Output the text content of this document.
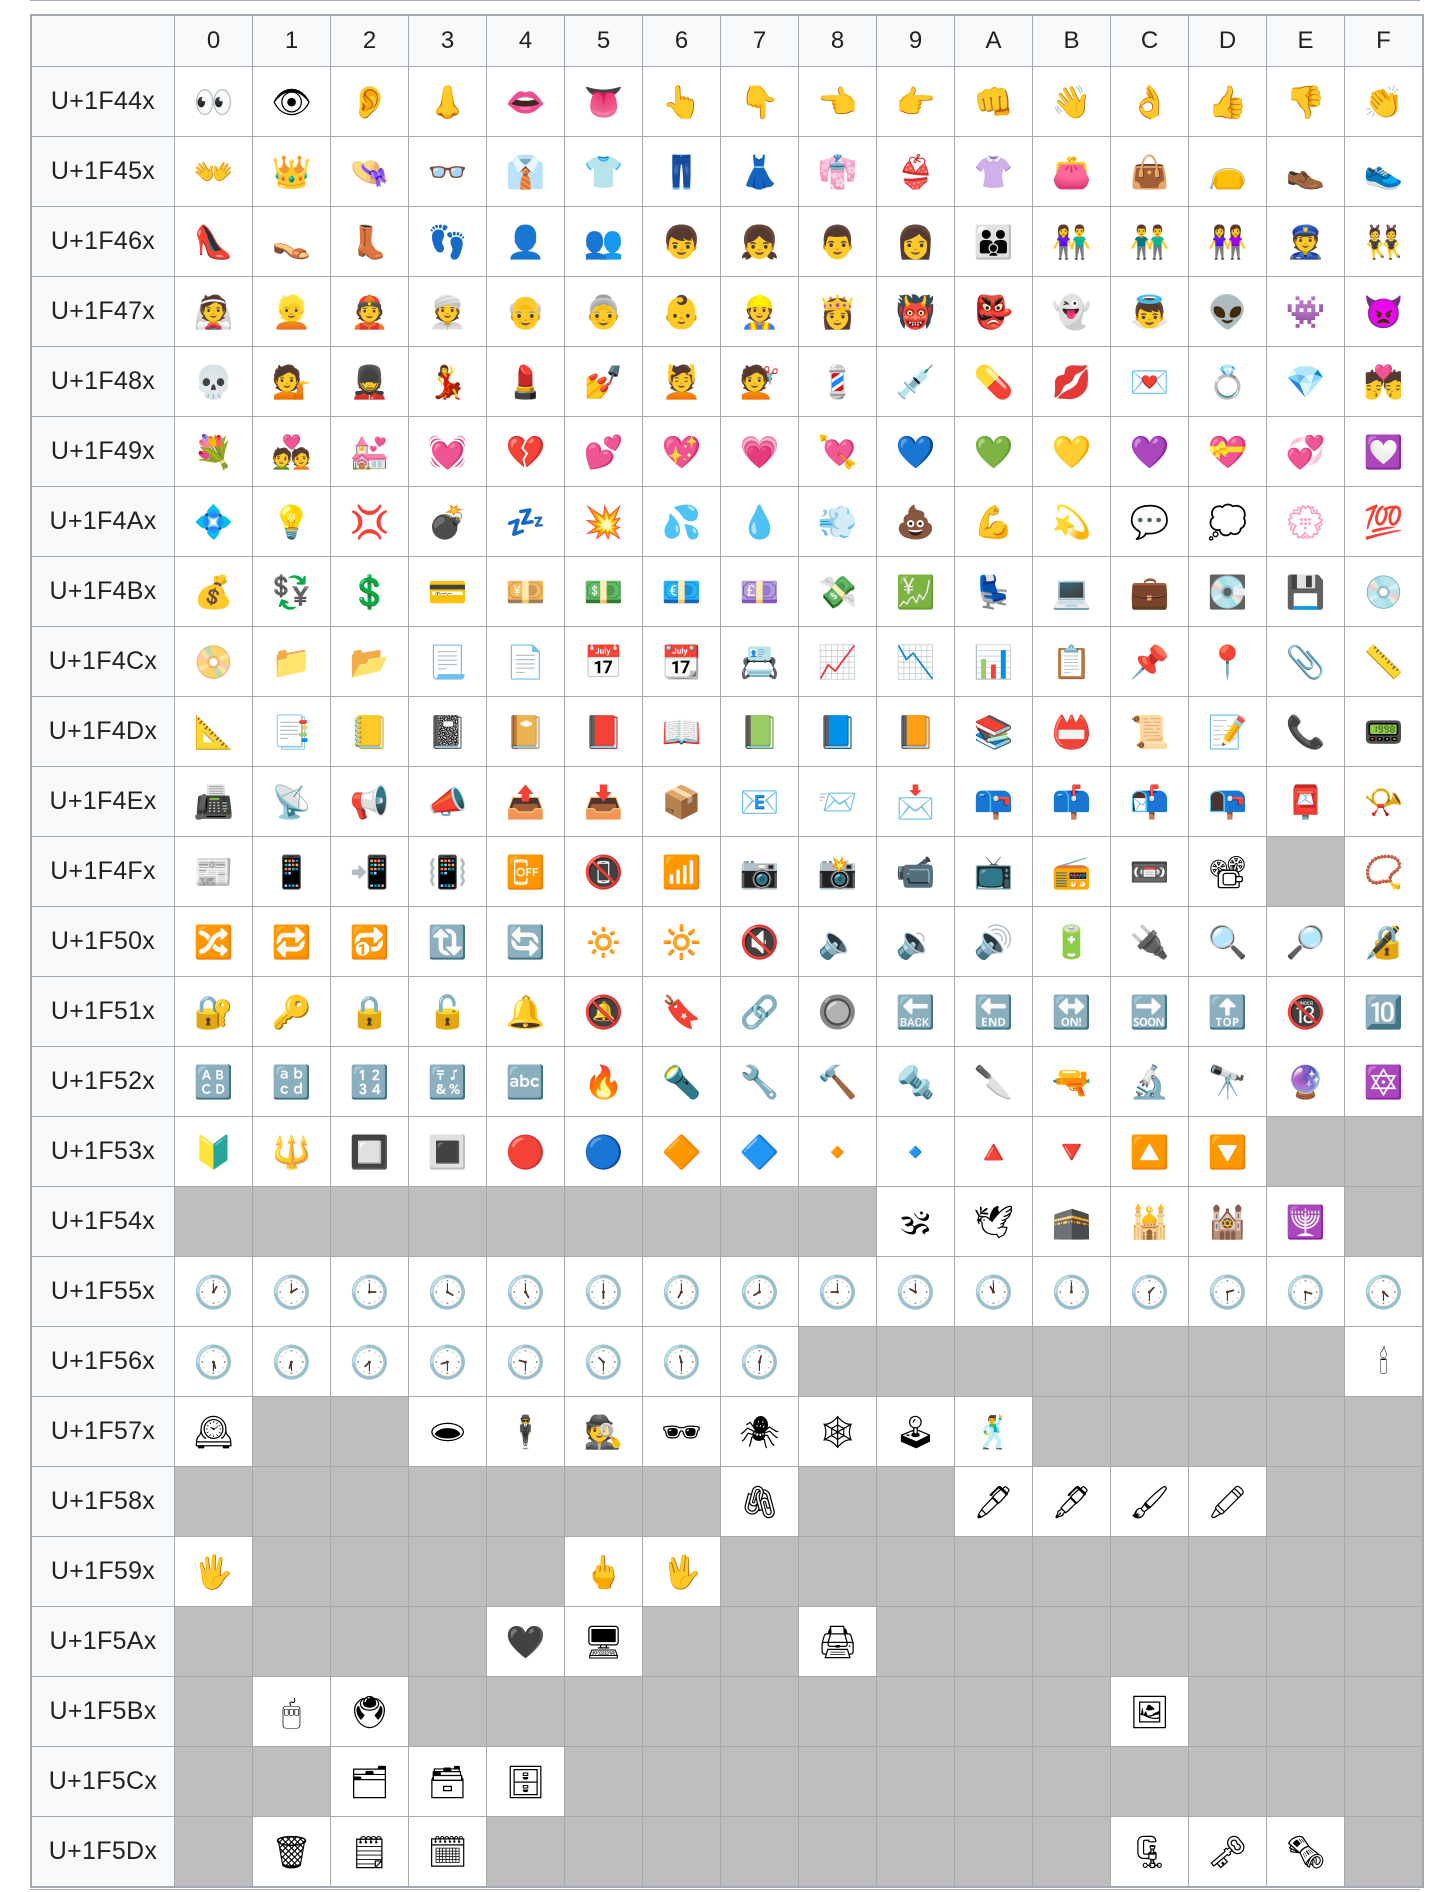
	0	1	2	3	4	5	6	7	8	9	A	B	C	D	E	F
U+1F44x	👀	👁	👂	👃	👄	👅	👆	👇	👈	👉	👊	👋	👌	👍	👎	👏
U+1F45x	👐	👑	👒	👓	👔	👕	👖	👗	👘	👙	👚	👛	👜	👝	👞	👟
U+1F46x	👠	👡	👢	👣	👤	👥	👦	👧	👨	👩	👪	👫	👬	👭	👮	👯
U+1F47x	👰	👱	👲	👳	👴	👵	👶	👷	👸	👹	👺	👻	👼	👽	👾	👿
U+1F48x	💀	💁	💂	💃	💄	💅	💆	💇	💈	💉	💊	💋	💌	💍	💎	💏
U+1F49x	💐	💑	💒	💓	💔	💕	💖	💗	💘	💙	💚	💛	💜	💝	💞	💟
U+1F4Ax	💠	💡	💢	💣	💤	💥	💦	💧	💨	💩	💪	💫	💬	💭	💮	💯
U+1F4Bx	💰	💱	💲	💳	💴	💵	💶	💷	💸	💹	💺	💻	💼	💽	💾	💿
U+1F4Cx	📀	📁	📂	📃	📄	📅	📆	📇	📈	📉	📊	📋	📌	📍	📎	📏
U+1F4Dx	📐	📑	📒	📓	📔	📕	📖	📗	📘	📙	📚	📛	📜	📝	📞	📟
U+1F4Ex	📠	📡	📢	📣	📤	📥	📦	📧	📨	📩	📪	📫	📬	📭	📮	📯
U+1F4Fx	📰	📱	📲	📳	📴	📵	📶	📷	📸	📹	📺	📻	📼	📽		📿
U+1F50x	🔀	🔁	🔂	🔃	🔄	🔅	🔆	🔇	🔈	🔉	🔊	🔋	🔌	🔍	🔎	🔏
U+1F51x	🔐	🔑	🔒	🔓	🔔	🔕	🔖	🔗	🔘	🔙	🔚	🔛	🔜	🔝	🔞	🔟
U+1F52x	🔠	🔡	🔢	🔣	🔤	🔥	🔦	🔧	🔨	🔩	🔪	🔫	🔬	🔭	🔮	🔯
U+1F53x	🔰	🔱	🔲	🔳	🔴	🔵	🔶	🔷	🔸	🔹	🔺	🔻	🔼	🔽		
U+1F54x										🕉	🕊	🕋	🕌	🕍	🕎	
U+1F55x	🕐	🕑	🕒	🕓	🕔	🕕	🕖	🕗	🕘	🕙	🕚	🕛	🕜	🕝	🕞	🕟
U+1F56x	🕠	🕡	🕢	🕣	🕤	🕥	🕦	🕧								🕯
U+1F57x	🕰			🕳	🕴	🕵	🕶	🕷	🕸	🕹	🕺					
U+1F58x								🖇			🖊	🖋	🖌	🖍		
U+1F59x	🖐					🖕	🖖									
U+1F5Ax					🖤	🖥			🖨							
U+1F5Bx		🖱	🖲										🖼			
U+1F5Cx			🗂	🗃	🗄											
U+1F5Dx		🗑	🗒	🗓									🗜	🗝	🗞	
